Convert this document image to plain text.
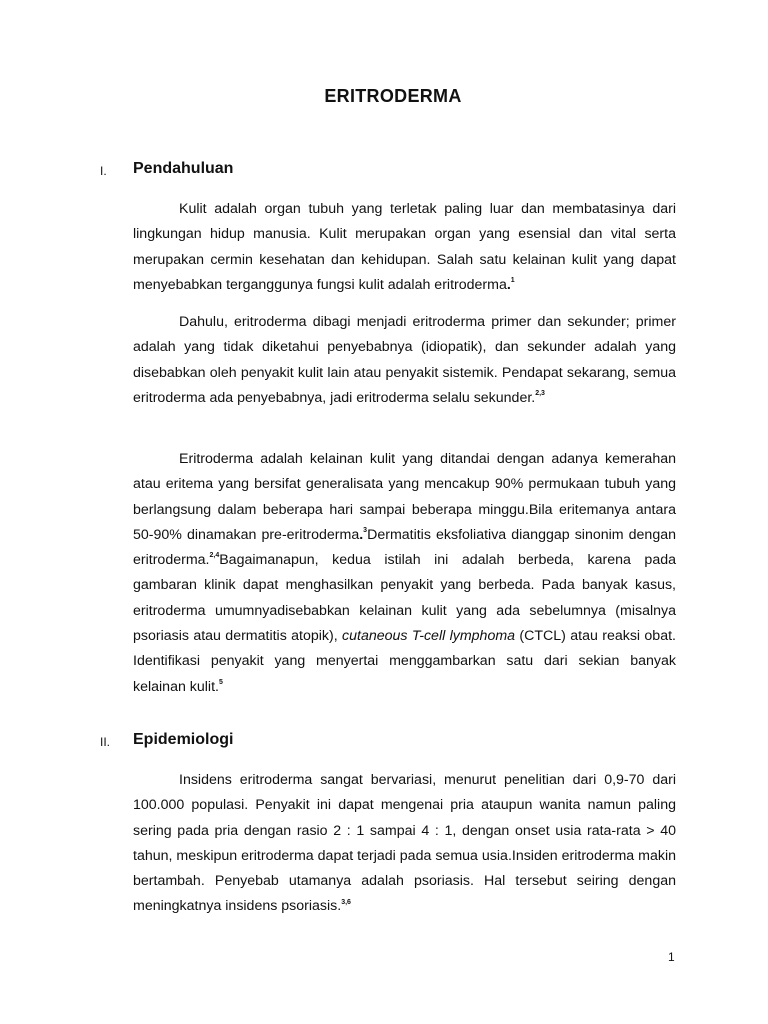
ERITRODERMA
I. Pendahuluan

Kulit adalah organ tubuh yang terletak paling luar dan membatasinya dari lingkungan hidup manusia. Kulit merupakan organ yang esensial dan vital serta merupakan cermin kesehatan dan kehidupan. Salah satu kelainan kulit yang dapat menyebabkan terganggunya fungsi kulit adalah eritroderma.$^1$

Dahulu, eritroderma dibagi menjadi eritroderma primer dan sekunder; primer adalah yang tidak diketahui penyebabnya (idiopatik), dan sekunder adalah yang disebabkan oleh penyakit kulit lain atau penyakit sistemik. Pendapat sekarang, semua eritroderma ada penyebabnya, jadi eritroderma selalu sekunder.$^{2,3}$

Eritroderma adalah kelainan kulit yang ditandai dengan adanya kemerahan atau eritema yang bersifat generalisata yang mencakup 90% permukaan tubuh yang berlangsung dalam beberapa hari sampai beberapa minggu.Bila eritemanya antara 50-90% dinamakan pre-eritroderma.$^3$Dermatitis eksfoliativa dianggap sinonim dengan eritroderma.$^{2,4}$Bagaimanapun, kedua istilah ini adalah berbeda, karena pada gambaran klinik dapat menghasilkan penyakit yang berbeda. Pada banyak kasus, eritroderma umumnyadisebabkan kelainan kulit yang ada sebelumnya (misalnya psoriasis atau dermatitis atopik), cutaneous T-cell lymphoma (CTCL) atau reaksi obat. Identifikasi penyakit yang menyertai menggambarkan satu dari sekian banyak kelainan kulit.$^5$

II. Epidemiologi

Insidens eritroderma sangat bervariasi, menurut penelitian dari 0,9-70 dari 100.000 populasi. Penyakit ini dapat mengenai pria ataupun wanita namun paling sering pada pria dengan rasio 2 : 1 sampai 4 : 1, dengan onset usia rata-rata > 40 tahun, meskipun eritroderma dapat terjadi pada semua usia.Insiden eritroderma makin bertambah. Penyebab utamanya adalah psoriasis. Hal tersebut seiring dengan meningkatnya insidens psoriasis.$^{3,6}$

1
